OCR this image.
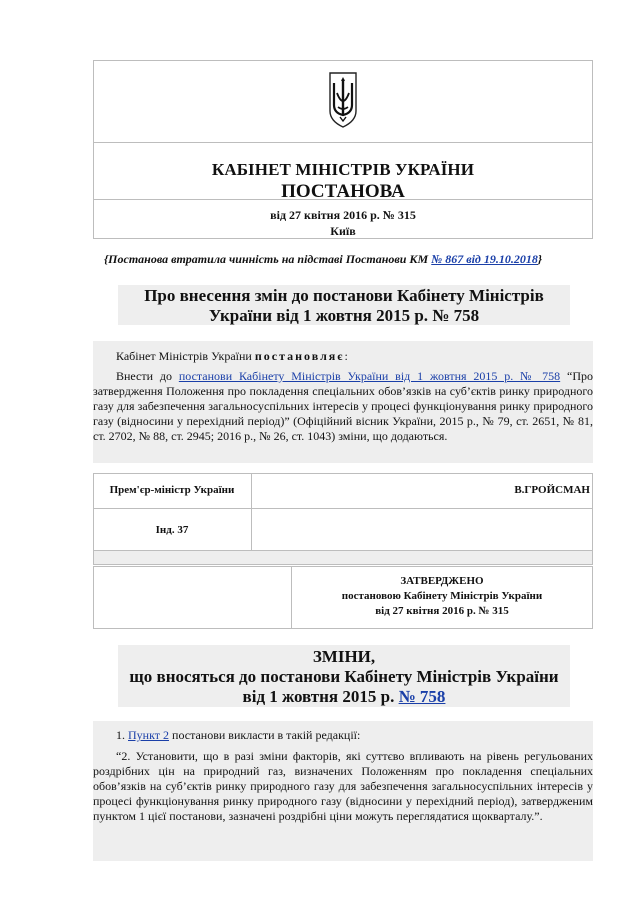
КАБІНЕТ МІНІСТРІВ УКРАЇНИ
ПОСТАНОВА
від 27 квітня 2016 р. № 315
Київ
{Постанова втратила чинність на підставі Постанови КМ № 867 від 19.10.2018}
Про внесення змін до постанови Кабінету Міністрів
України від 1 жовтня 2015 р. № 758
Кабінет Міністрів України постановляє:
Внести до постанови Кабінету Міністрів України від 1 жовтня 2015 р. № 758 “Про затвердження Положення про покладення спеціальних обов’язків на суб’єктів ринку природного газу для забезпечення загальносуспільних інтересів у процесі функціонування ринку природного газу (відносини у перехідний період)” (Офіційний вісник України, 2015 р., № 79, ст. 2651, № 81, ст. 2702, № 88, ст. 2945; 2016 р., № 26, ст. 1043) зміни, що додаються.
Прем'єр-міністр України	В.ГРОЙСМАН
Інд. 37
ЗАТВЕРДЖЕНО
постановою Кабінету Міністрів України
від 27 квітня 2016 р. № 315
ЗМІНИ,
що вносяться до постанови Кабінету Міністрів України
від 1 жовтня 2015 р. № 758
1. Пункт 2 постанови викласти в такій редакції:
“2. Установити, що в разі зміни факторів, які суттєво впливають на рівень регульованих роздрібних цін на природний газ, визначених Положенням про покладення спеціальних обов’язків на суб’єктів ринку природного газу для забезпечення загальносуспільних інтересів у процесі функціонування ринку природного газу (відносини у перехідний період), затвердженим пунктом 1 цієї постанови, зазначені роздрібні ціни можуть переглядатися щокварталу.”.
